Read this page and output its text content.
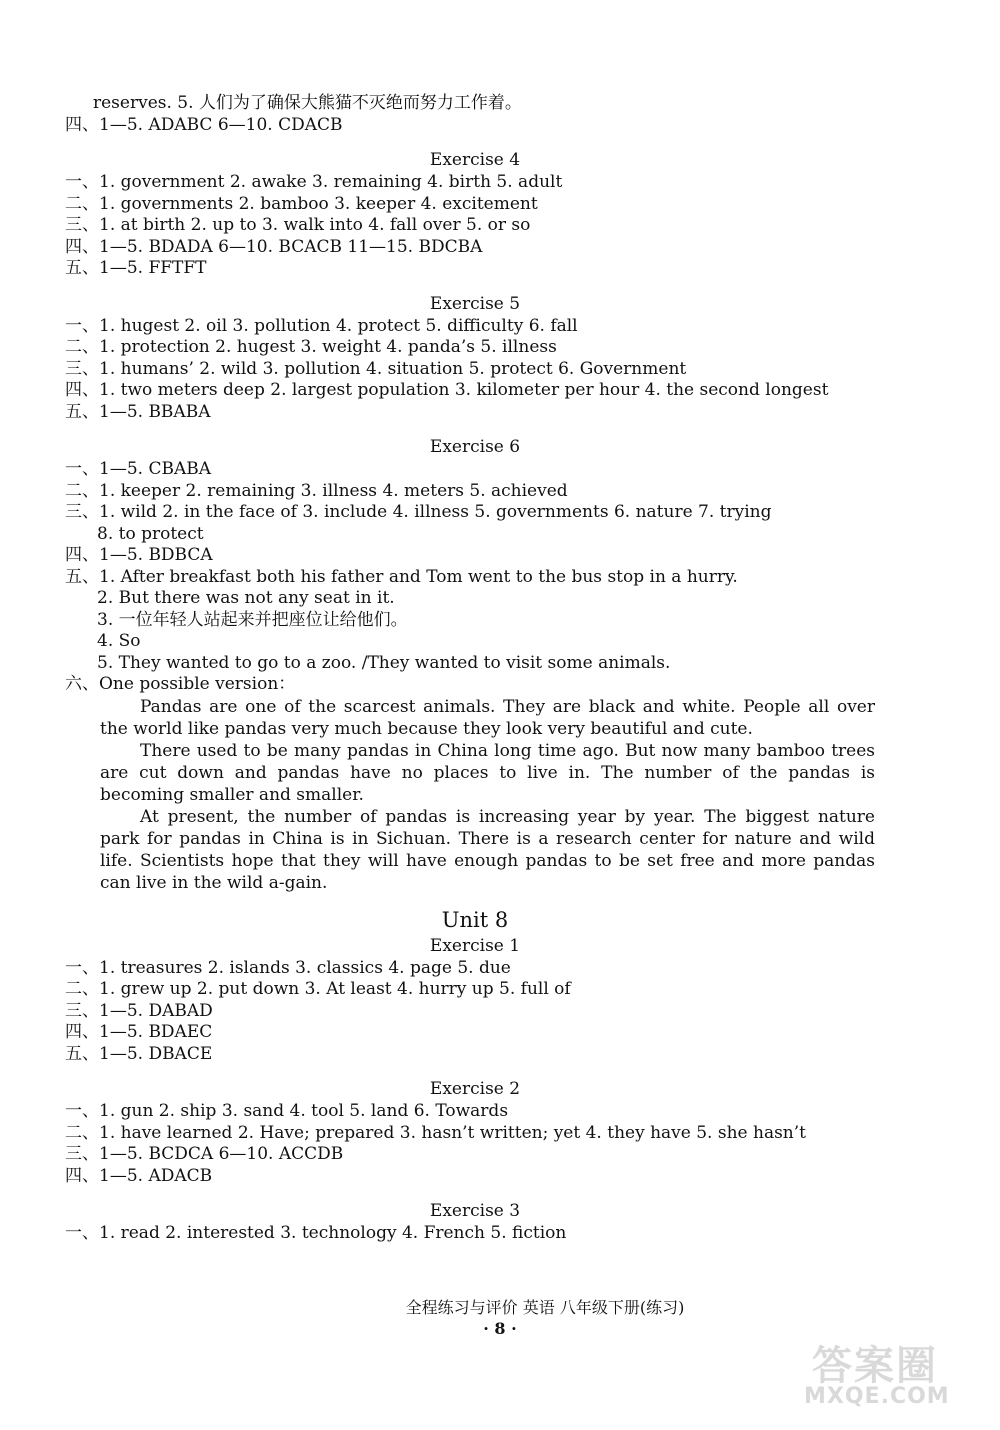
reserves. 5. 人们为了确保大熊猫不灭绝而努力工作着。
四、1—5. ADABC 6—10. CDACB
Exercise 4
一、1. government 2. awake 3. remaining 4. birth 5. adult
二、1. governments 2. bamboo 3. keeper 4. excitement
三、1. at birth 2. up to 3. walk into 4. fall over 5. or so
四、1—5. BDADA 6—10. BCACB 11—15. BDCBA
五、1—5. FFTFT
Exercise 5
一、1. hugest 2. oil 3. pollution 4. protect 5. difficulty 6. fall
二、1. protection 2. hugest 3. weight 4. panda’s 5. illness
三、1. humans’ 2. wild 3. pollution 4. situation 5. protect 6. Government
四、1. two meters deep 2. largest population 3. kilometer per hour 4. the second longest
五、1—5. BBABA
Exercise 6
一、1—5. CBABA
二、1. keeper 2. remaining 3. illness 4. meters 5. achieved
三、1. wild 2. in the face of 3. include 4. illness 5. governments 6. nature 7. trying
8. to protect
四、1—5. BDBCA
五、1. After breakfast both his father and Tom went to the bus stop in a hurry.
2. But there was not any seat in it.
3. 一位年轻人站起来并把座位让给他们。
4. So
5. They wanted to go to a zoo. /They wanted to visit some animals.
六、One possible version：
Pandas are one of the scarcest animals. They are black and white. People all over the world like pandas very much because they look very beautiful and cute.
There used to be many pandas in China long time ago. But now many bamboo trees are cut down and pandas have no places to live in. The number of the pandas is becoming smaller and smaller.
At present, the number of pandas is increasing year by year. The biggest nature park for pandas in China is in Sichuan. There is a research center for nature and wild life. Scientists hope that they will have enough pandas to be set free and more pandas can live in the wild a-gain.
Unit 8
Exercise 1
一、1. treasures 2. islands 3. classics 4. page 5. due
二、1. grew up 2. put down 3. At least 4. hurry up 5. full of
三、1—5. DABAD
四、1—5. BDAEC
五、1—5. DBACE
Exercise 2
一、1. gun 2. ship 3. sand 4. tool 5. land 6. Towards
二、1. have learned 2. Have; prepared 3. hasn’t written; yet 4. they have 5. she hasn’t
三、1—5. BCDCA 6—10. ACCDB
四、1—5. ADACB
Exercise 3
一、1. read 2. interested 3. technology 4. French 5. fiction
全程练习与评价 英语 八年级下册(练习)
· 8 ·
答案圈
MXQE.COM
